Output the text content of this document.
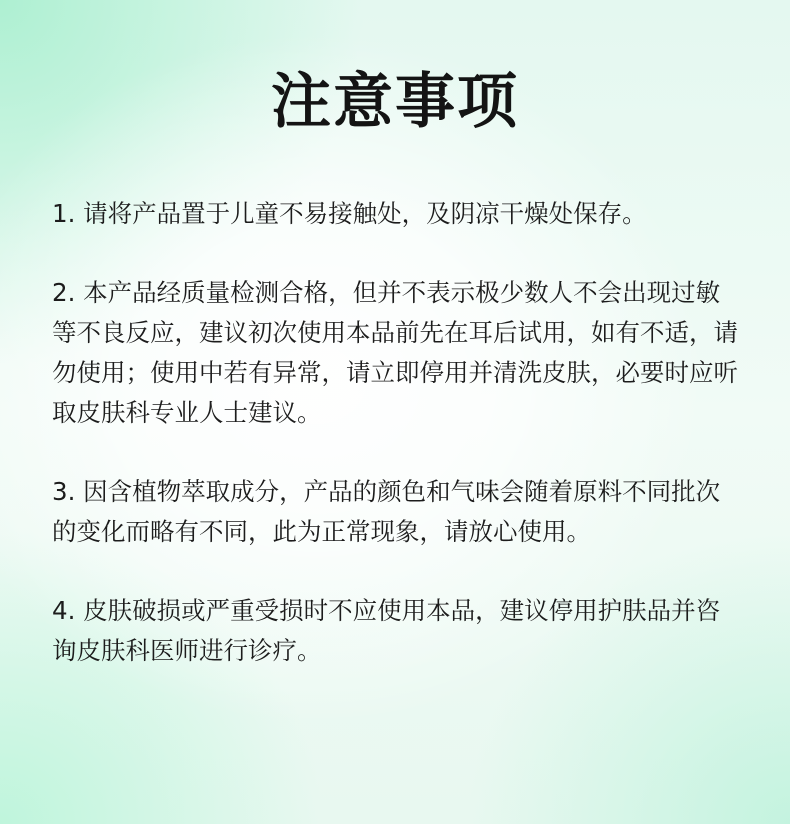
注意事项

1. 请将产品置于儿童不易接触处，及阴凉干燥处保存。

2. 本产品经质量检测合格，但并不表示极少数人不会出现过敏等不良反应，建议初次使用本品前先在耳后试用，如有不适，请勿使用；使用中若有异常，请立即停用并清洗皮肤，必要时应听取皮肤科专业人士建议。

3. 因含植物萃取成分，产品的颜色和气味会随着原料不同批次的变化而略有不同，此为正常现象，请放心使用。

4. 皮肤破损或严重受损时不应使用本品，建议停用护肤品并咨询皮肤科医师进行诊疗。
